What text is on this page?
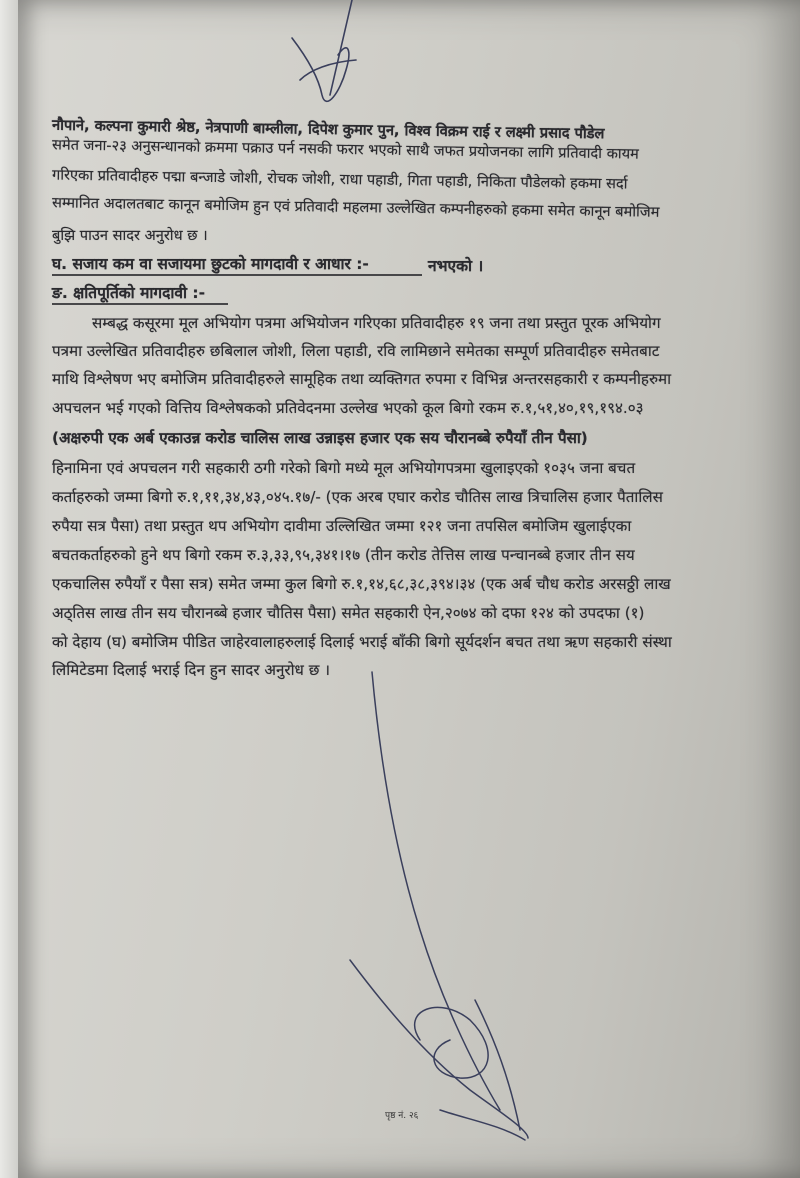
नौपाने, कल्पना कुमारी श्रेष्ठ, नेत्रपाणी बाम्लीला, दिपेश कुमार पुन, विश्व विक्रम राई र लक्ष्मी प्रसाद पौडेल
समेत जना-२३ अनुसन्धानको क्रममा पक्राउ पर्न नसकी फरार भएको साथै जफत प्रयोजनका लागि प्रतिवादी कायम
गरिएका प्रतिवादीहरु पद्मा बन्जाडे जोशी, रोचक जोशी, राधा पहाडी, गिता पहाडी, निकिता पौडेलको हकमा सर्दा
सम्मानित अदालतबाट कानून बमोजिम हुन एवं प्रतिवादी महलमा उल्लेखित कम्पनीहरुको हकमा समेत कानून बमोजिम
बुझि पाउन सादर अनुरोध छ ।
घ. सजाय कम वा सजायमा छुटको मागदावी र आधार :-	नभएको ।
ङ. क्षतिपूर्तिको मागदावी :-
सम्बद्ध कसूरमा मूल अभियोग पत्रमा अभियोजन गरिएका प्रतिवादीहरु १९ जना तथा प्रस्तुत पूरक अभियोग
पत्रमा उल्लेखित प्रतिवादीहरु छबिलाल जोशी, लिला पहाडी, रवि लामिछाने समेतका सम्पूर्ण प्रतिवादीहरु समेतबाट
माथि विश्लेषण भए बमोजिम प्रतिवादीहरुले सामूहिक तथा व्यक्तिगत रुपमा र विभिन्न अन्तरसहकारी र कम्पनीहरुमा
अपचलन भई गएको वित्तिय विश्लेषकको प्रतिवेदनमा उल्लेख भएको कूल बिगो रकम रु.१,५१,४०,१९,१९४.०३
(अक्षरुपी एक अर्ब एकाउन्न करोड चालिस लाख उन्नाइस हजार एक सय चौरानब्बे रुपैयाँ तीन पैसा)
हिनामिना एवं अपचलन गरी सहकारी ठगी गरेको बिगो मध्ये मूल अभियोगपत्रमा खुलाइएको १०३५ जना बचत
कर्ताहरुको जम्मा बिगो रु.१,११,३४,४३,०४५.१७/- (एक अरब एघार करोड चौतिस लाख त्रिचालिस हजार पैतालिस
रुपैया सत्र पैसा) तथा प्रस्तुत थप अभियोग दावीमा उल्लिखित जम्मा १२१ जना तपसिल बमोजिम खुलाईएका
बचतकर्ताहरुको हुने थप बिगो रकम रु.३,३३,९५,३४१।१७ (तीन करोड तेत्तिस लाख पन्चानब्बे हजार तीन सय
एकचालिस रुपैयाँ र पैसा सत्र) समेत जम्मा कुल बिगो रु.१,१४,६८,३८,३९४।३४ (एक अर्ब चौध करोड अरसठ्ठी लाख
अठ्तिस लाख तीन सय चौरानब्बे हजार चौतिस पैसा) समेत सहकारी ऐन,२०७४ को दफा १२४ को उपदफा (१)
को देहाय (घ) बमोजिम पीडित जाहेरवालाहरुलाई दिलाई भराई बाँकी बिगो सूर्यदर्शन बचत तथा ऋण सहकारी संस्था
लिमिटेडमा दिलाई भराई दिन हुन सादर अनुरोध छ ।
पृष्ठ नं. २६
